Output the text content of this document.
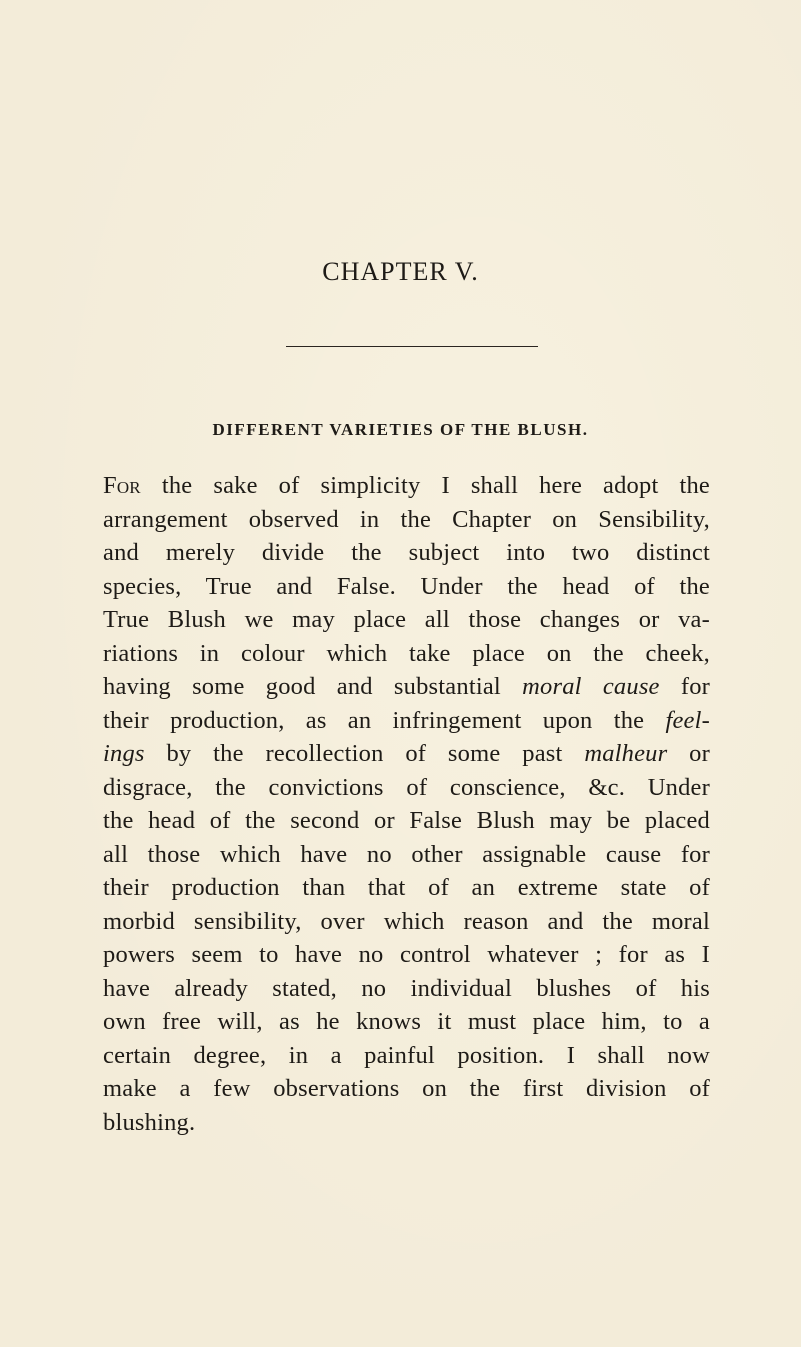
CHAPTER V.
DIFFERENT VARIETIES OF THE BLUSH.

For the sake of simplicity I shall here adopt the
arrangement observed in the Chapter on Sensibility,
and merely divide the subject into two distinct
species, True and False. Under the head of the
True Blush we may place all those changes or va-
riations in colour which take place on the cheek,
having some good and substantial moral cause for
their production, as an infringement upon the feel-
ings by the recollection of some past malheur or
disgrace, the convictions of conscience, &c. Under
the head of the second or False Blush may be placed
all those which have no other assignable cause for
their production than that of an extreme state of
morbid sensibility, over which reason and the moral
powers seem to have no control whatever ; for as I
have already stated, no individual blushes of his
own free will, as he knows it must place him, to a
certain degree, in a painful position. I shall now
make a few observations on the first division of
blushing.
